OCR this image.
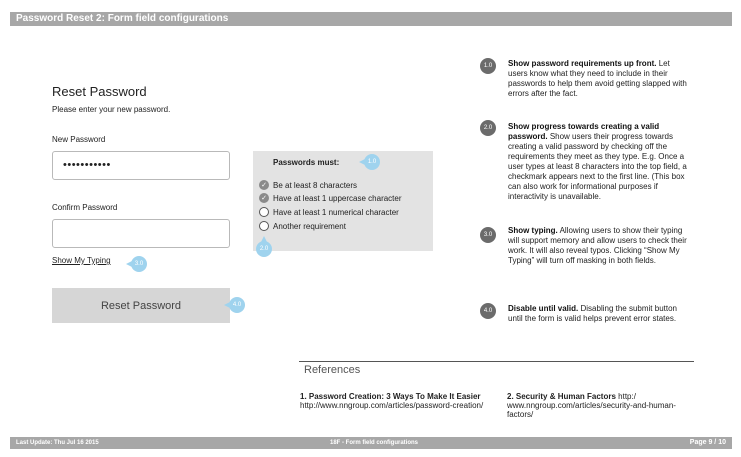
Password Reset 2: Form field configurations
Reset Password
Please enter your new password.
New Password
•••••••••••
Confirm Password
Show My Typing	3.0
Reset Password	4.0
Passwords must:	1.0
✓ Be at least 8 characters
✓ Have at least 1 uppercase character
Have at least 1 numerical character
Another requirement
2.0
1.0	Show password requirements up front. Let users know what they need to include in their passwords to help them avoid getting slapped with errors after the fact.
2.0	Show progress towards creating a valid password. Show users their progress towards creating a valid password by checking off the requirements they meet as they type. E.g. Once a user types at least 8 characters into the top field, a checkmark appears next to the first line. (This box can also work for informational purposes if interactivity is unavailable.
3.0	Show typing. Allowing users to show their typing will support memory and allow users to check their work. It will also reveal typos. Clicking “Show My Typing” will turn off masking in both fields.
4.0	Disable until valid. Disabling the submit button until the form is valid helps prevent error states.
References
1. Password Creation: 3 Ways To Make It Easier http://www.nngroup.com/articles/password-creation/
2. Security & Human Factors http:/ www.nngroup.com/articles/security-and-human-factors/
Last Update: Thu Jul 16 2015	18F - Form field configurations	Page 9 / 10
